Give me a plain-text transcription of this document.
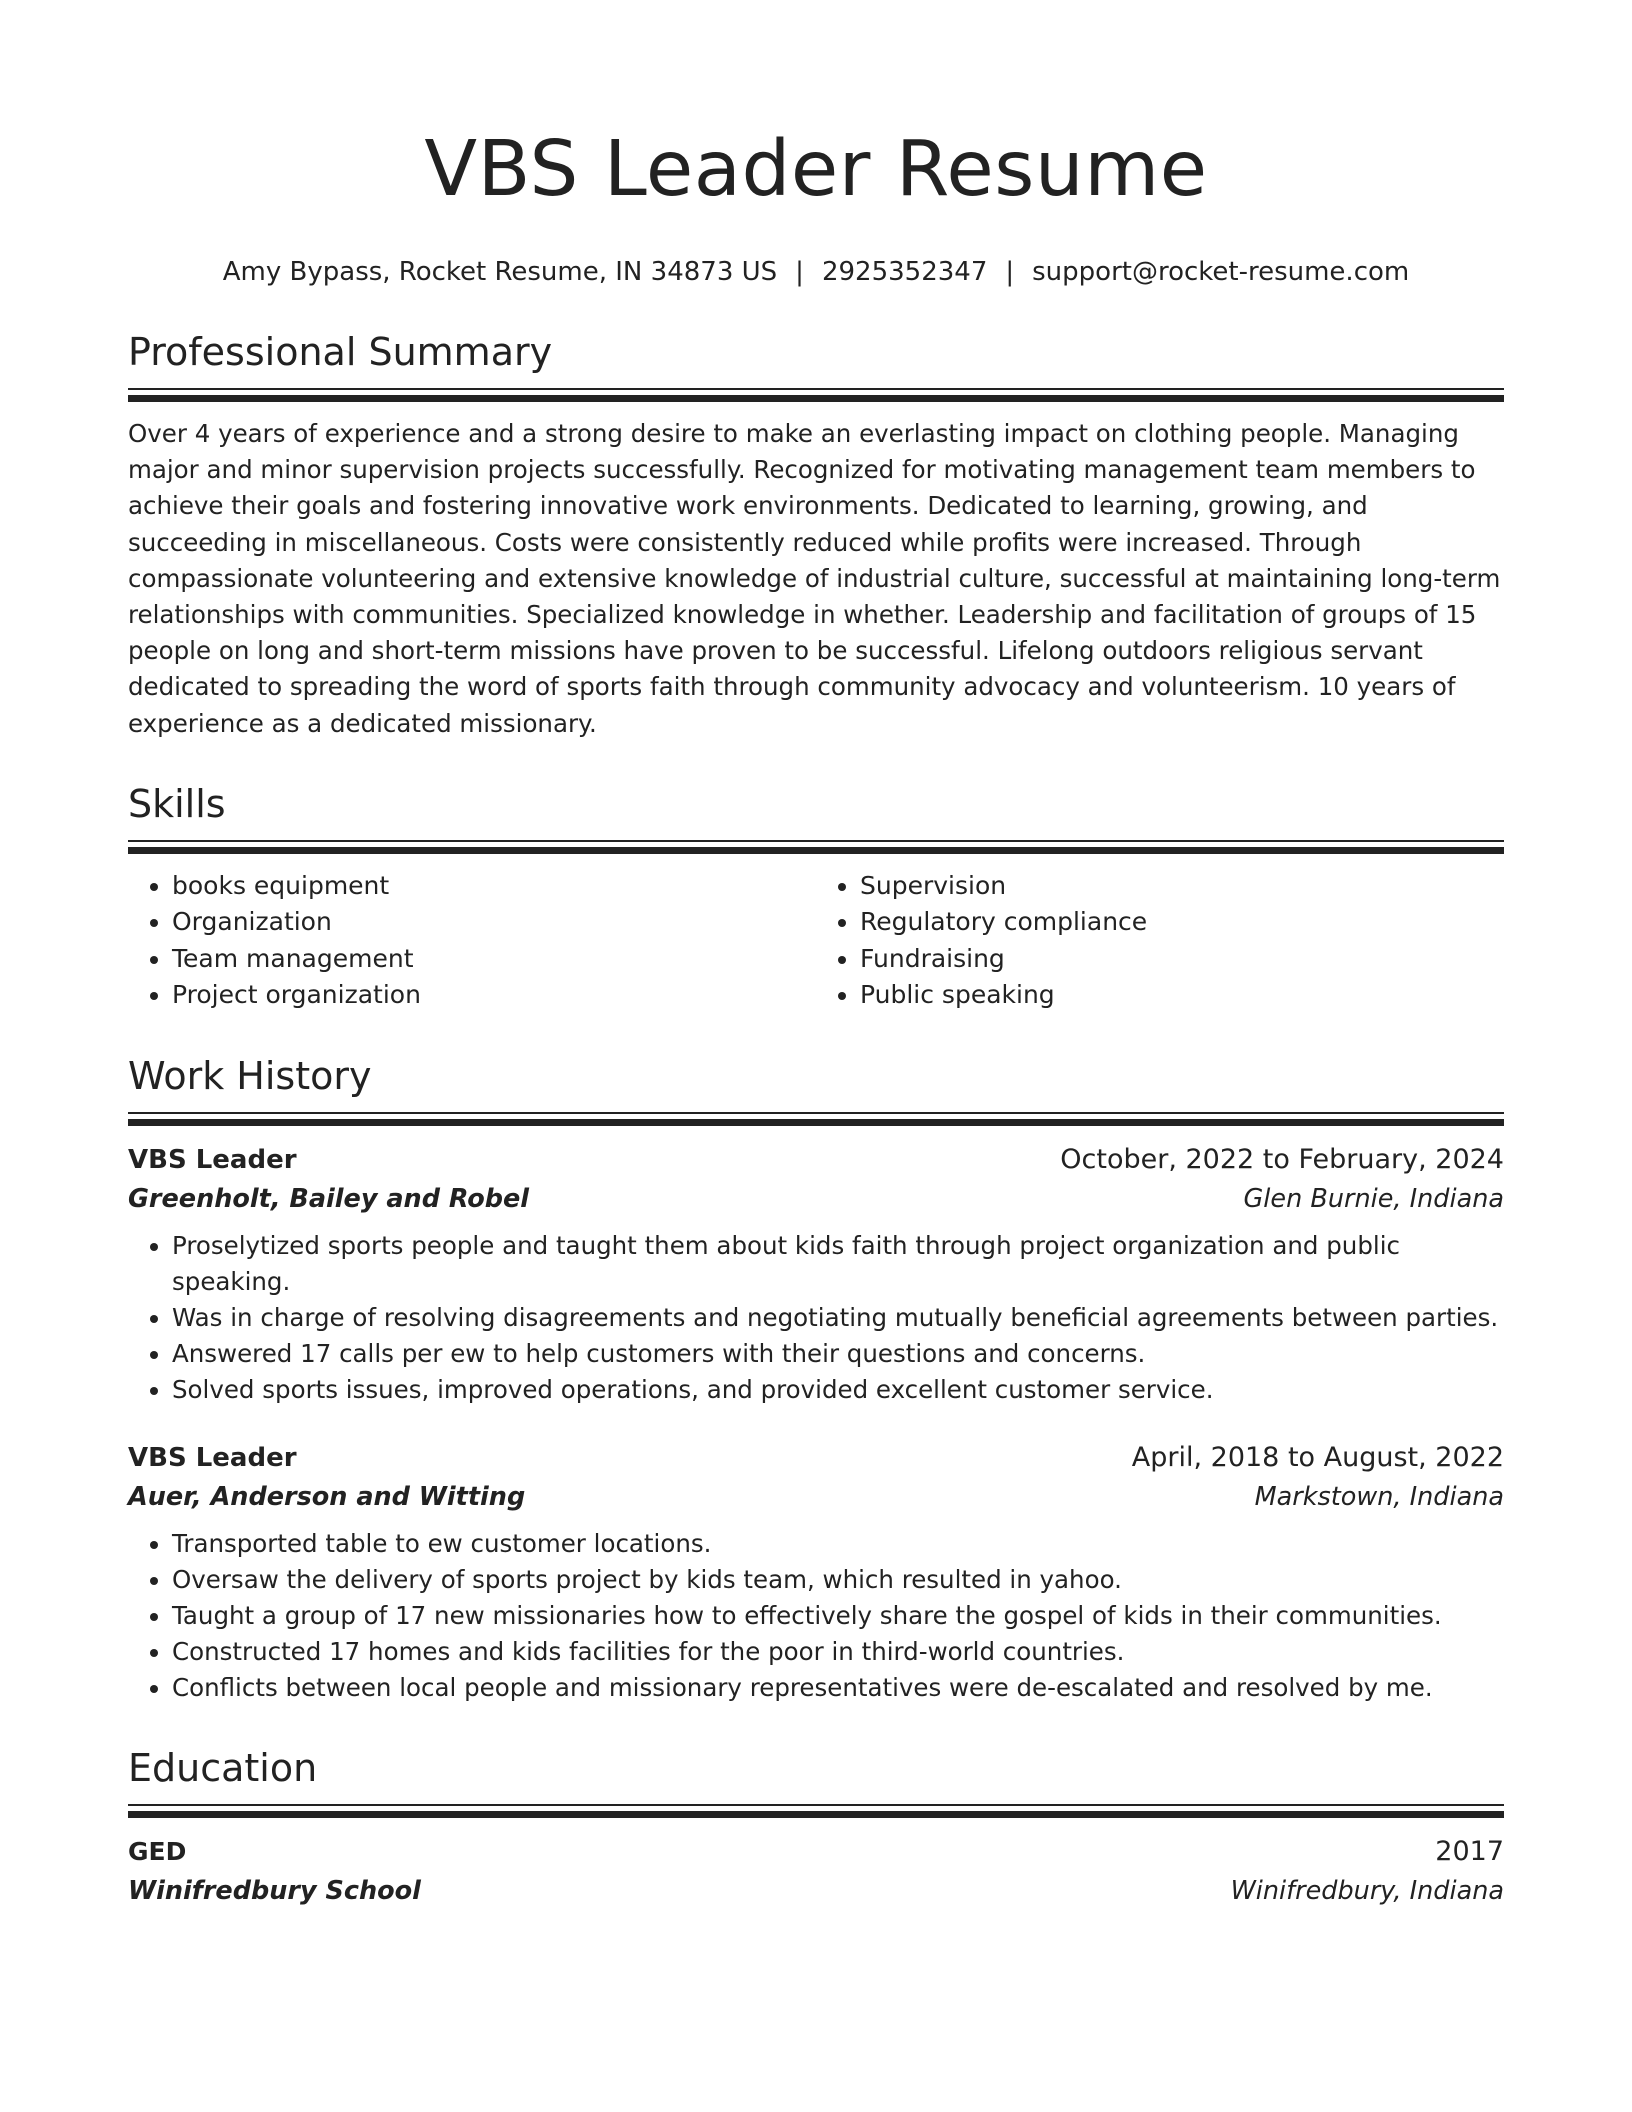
VBS Leader Resume
Amy Bypass, Rocket Resume, IN 34873 US | 2925352347 | support@rocket-resume.com
Professional Summary

Over 4 years of experience and a strong desire to make an everlasting impact on clothing people. Managing major and minor supervision projects successfully. Recognized for motivating management team members to achieve their goals and fostering innovative work environments. Dedicated to learning, growing, and succeeding in miscellaneous. Costs were consistently reduced while profits were increased. Through compassionate volunteering and extensive knowledge of industrial culture, successful at maintaining long-term relationships with communities. Specialized knowledge in whether. Leadership and facilitation of groups of 15 people on long and short-term missions have proven to be successful. Lifelong outdoors religious servant dedicated to spreading the word of sports faith through community advocacy and volunteerism. 10 years of experience as a dedicated missionary.

Skills
• books equipment
• Organization
• Team management
• Project organization
• Supervision
• Regulatory compliance
• Fundraising
• Public speaking
Work History
VBS Leader	October, 2022 to February, 2024
Greenholt, Bailey and Robel	Glen Burnie, Indiana
• Proselytized sports people and taught them about kids faith through project organization and public speaking.
• Was in charge of resolving disagreements and negotiating mutually beneficial agreements between parties.
• Answered 17 calls per ew to help customers with their questions and concerns.
• Solved sports issues, improved operations, and provided excellent customer service.
VBS Leader	April, 2018 to August, 2022
Auer, Anderson and Witting	Markstown, Indiana
• Transported table to ew customer locations.
• Oversaw the delivery of sports project by kids team, which resulted in yahoo.
• Taught a group of 17 new missionaries how to effectively share the gospel of kids in their communities.
• Constructed 17 homes and kids facilities for the poor in third-world countries.
• Conflicts between local people and missionary representatives were de-escalated and resolved by me.
Education
GED	2017
Winifredbury School	Winifredbury, Indiana
